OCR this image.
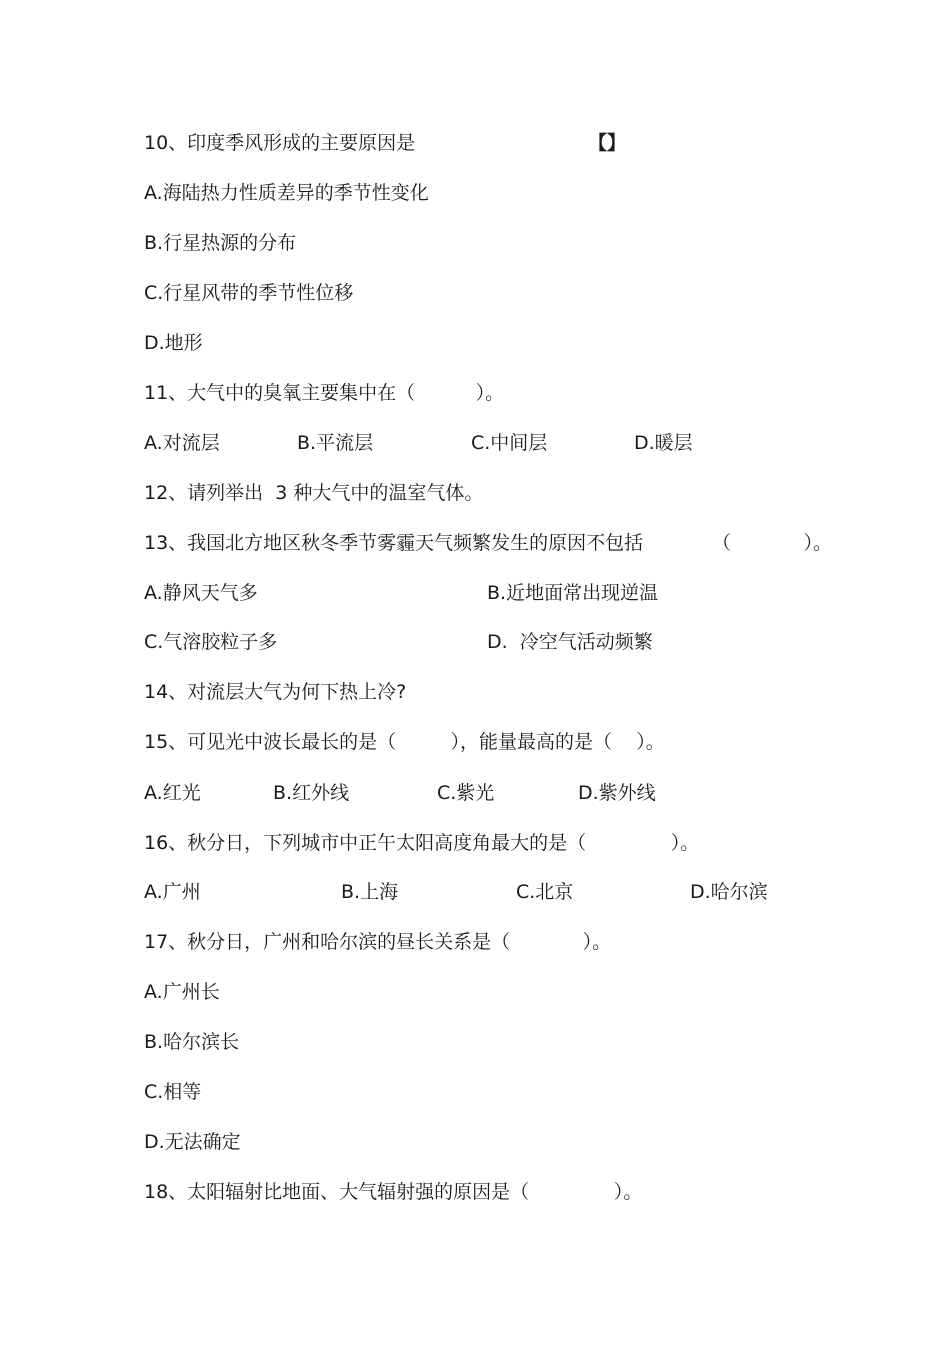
10、印度季风形成的主要原因是	【】
A.海陆热力性质差异的季节性变化
B.行星热源的分布
C.行星风带的季节性位移
D.地形
11、大气中的臭氧主要集中在（          ）。
A.对流层	B.平流层	C.中间层	D.暖层
12、请列举出  3 种大气中的温室气体。
13、我国北方地区秋冬季节雾霾天气频繁发生的原因不包括	（            ）。
A.静风天气多	B.近地面常出现逆温
C.气溶胶粒子多	D.  冷空气活动频繁
14、对流层大气为何下热上冷?
15、可见光中波长最长的是（         ），能量最高的是（    ）。
A.红光	B.红外线	C.紫光	D.紫外线
16、秋分日，下列城市中正午太阳高度角最大的是（              ）。
A.广州	B.上海	C.北京	D.哈尔滨
17、秋分日，广州和哈尔滨的昼长关系是（            ）。
A.广州长
B.哈尔滨长
C.相等
D.无法确定
18、太阳辐射比地面、大气辐射强的原因是（              ）。
